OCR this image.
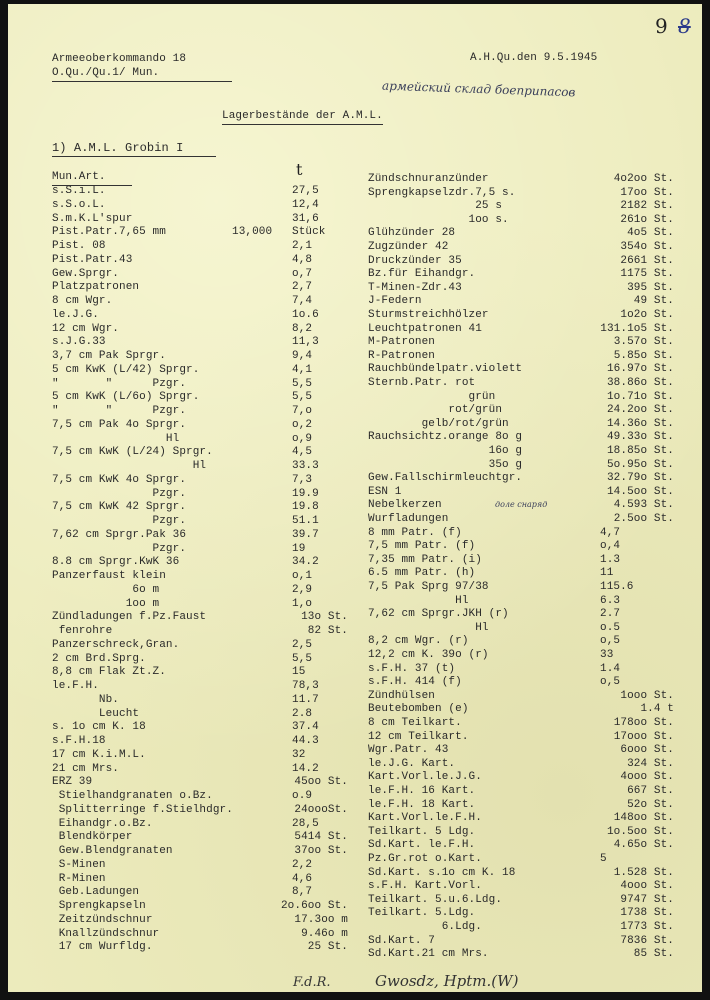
9 8
Armeeoberkommando 18
O.Qu./Qu.1/ Mun.
A.H.Qu.den 9.5.1945
армейский склад боеприпасов
Lagerbestände der A.M.L.
1) A.M.L. Grobin I
Mun.Art.	t
s.S.i.L.	27,5
s.S.o.L.	12,4
S.m.K.L'spur	31,6
Pist.Patr.7,65 mm	13,000 Stück
Pist. 08	2,1
Pist.Patr.43	4,8
Gew.Sprgr.	o,7
Platzpatronen	2,7
8 cm Wgr.	7,4
le.J.G.	1o.6
12 cm Wgr.	8,2
s.J.G.33	11,3
3,7 cm Pak Sprgr.	9,4
5 cm KwK (L/42) Sprgr.	4,1
"       "      Pzgr.	5,5
5 cm KwK (L/6o) Sprgr.	5,5
"       "      Pzgr.	7,o
7,5 cm Pak 4o Sprgr.	o,2
Hl	o,9
7,5 cm KwK (L/24) Sprgr.	4,5
Hl	33.3
7,5 cm KwK 4o Sprgr.	7,3
Pzgr.	19.9
7,5 cm KwK 42 Sprgr.	19.8
Pzgr.	51.1
7,62 cm Sprgr.Pak 36	39.7
Pzgr.	19
8.8 cm Sprgr.KwK 36	34.2
Panzerfaust klein	o,1
6o m	2,9
1oo m	1,o
Zündladungen f.Pz.Faust	13o St.
fenrohre	82 St.
Panzerschreck,Gran.	2,5
2 cm Brd.Sprg.	5,5
8,8 cm Flak Zt.Z.	15
le.F.H.	78,3
Nb.	11.7
Leucht	2.8
s. 1o cm K. 18	37.4
s.F.H.18	44.3
17 cm K.i.M.L.	32
21 cm Mrs.	14.2
ERZ 39	45oo St.
Stielhandgranaten o.Bz.	o.9
Splitterringe f.Stielhdgr.	24oooSt.
Eihandgr.o.Bz.	28,5
Blendkörper	5414 St.
Gew.Blendgranaten	37oo St.
S-Minen	2,2
R-Minen	4,6
Geb.Ladungen	8,7
Sprengkapseln	2o.6oo St.
Zeitzündschnur	17.3oo m
Knallzündschnur	9.46o m
17 cm Wurfldg.	25 St.
Zündschnuranzünder	4o2oo St.
Sprengkapselzdr.7,5 s.	17oo St.
25 s	2182 St.
1oo s.	261o St.
Glühzünder 28	4o5 St.
Zugzünder 42	354o St.
Druckzünder 35	2661 St.
Bz.für Eihandgr.	1175 St.
T-Minen-Zdr.43	395 St.
J-Federn	49 St.
Sturmstreichhölzer	1o2o St.
Leuchtpatronen 41	131.1o5 St.
M-Patronen	3.57o St.
R-Patronen	5.85o St.
Rauchbündelpatr.violett	16.97o St.
Sternb.Patr. rot	38.86o St.
grün	1o.71o St.
rot/grün	24.2oo St.
gelb/rot/grün	14.36o St.
Rauchsichtz.orange 8o g	49.33o St.
16o g	18.85o St.
35o g	5o.95o St.
Gew.Fallschirmleuchtgr.	32.79o St.
ESN 1	14.5oo St.
Nebelkerzen	доле снаряд	4.593 St.
Wurfladungen	2.5oo St.
8 mm Patr. (f)	4,7
7,5 mm Patr. (f)	o,4
7,35 mm Patr. (i)	1.3
6.5 mm Patr. (h)	11
7,5 Pak Sprg 97/38	115.6
Hl	6.3
7,62 cm Sprgr.JKH (r)	2.7
Hl	o.5
8,2 cm Wgr. (r)	o,5
12,2 cm K. 39o (r)	33
s.F.H. 37 (t)	1.4
s.F.H. 414 (f)	o,5
Zündhülsen	1ooo St.
Beutebomben (e)	1.4 t
8 cm Teilkart.	178oo St.
12 cm Teilkart.	17ooo St.
Wgr.Patr. 43	6ooo St.
le.J.G. Kart.	324 St.
Kart.Vorl.le.J.G.	4ooo St.
le.F.H. 16 Kart.	667 St.
le.F.H. 18 Kart.	52o St.
Kart.Vorl.le.F.H.	148oo St.
Teilkart. 5 Ldg.	1o.5oo St.
Sd.Kart. le.F.H.	4.65o St.
Pz.Gr.rot o.Kart.	5
Sd.Kart. s.1o cm K. 18	1.528 St.
s.F.H. Kart.Vorl.	4ooo St.
Teilkart. 5.u.6.Ldg.	9747 St.
Teilkart. 5.Ldg.	1738 St.
6.Ldg.	1773 St.
Sd.Kart. 7	7836 St.
Sd.Kart.21 cm Mrs.	85 St.
F.d.R.	Gwosdz, Hptm.(W)
